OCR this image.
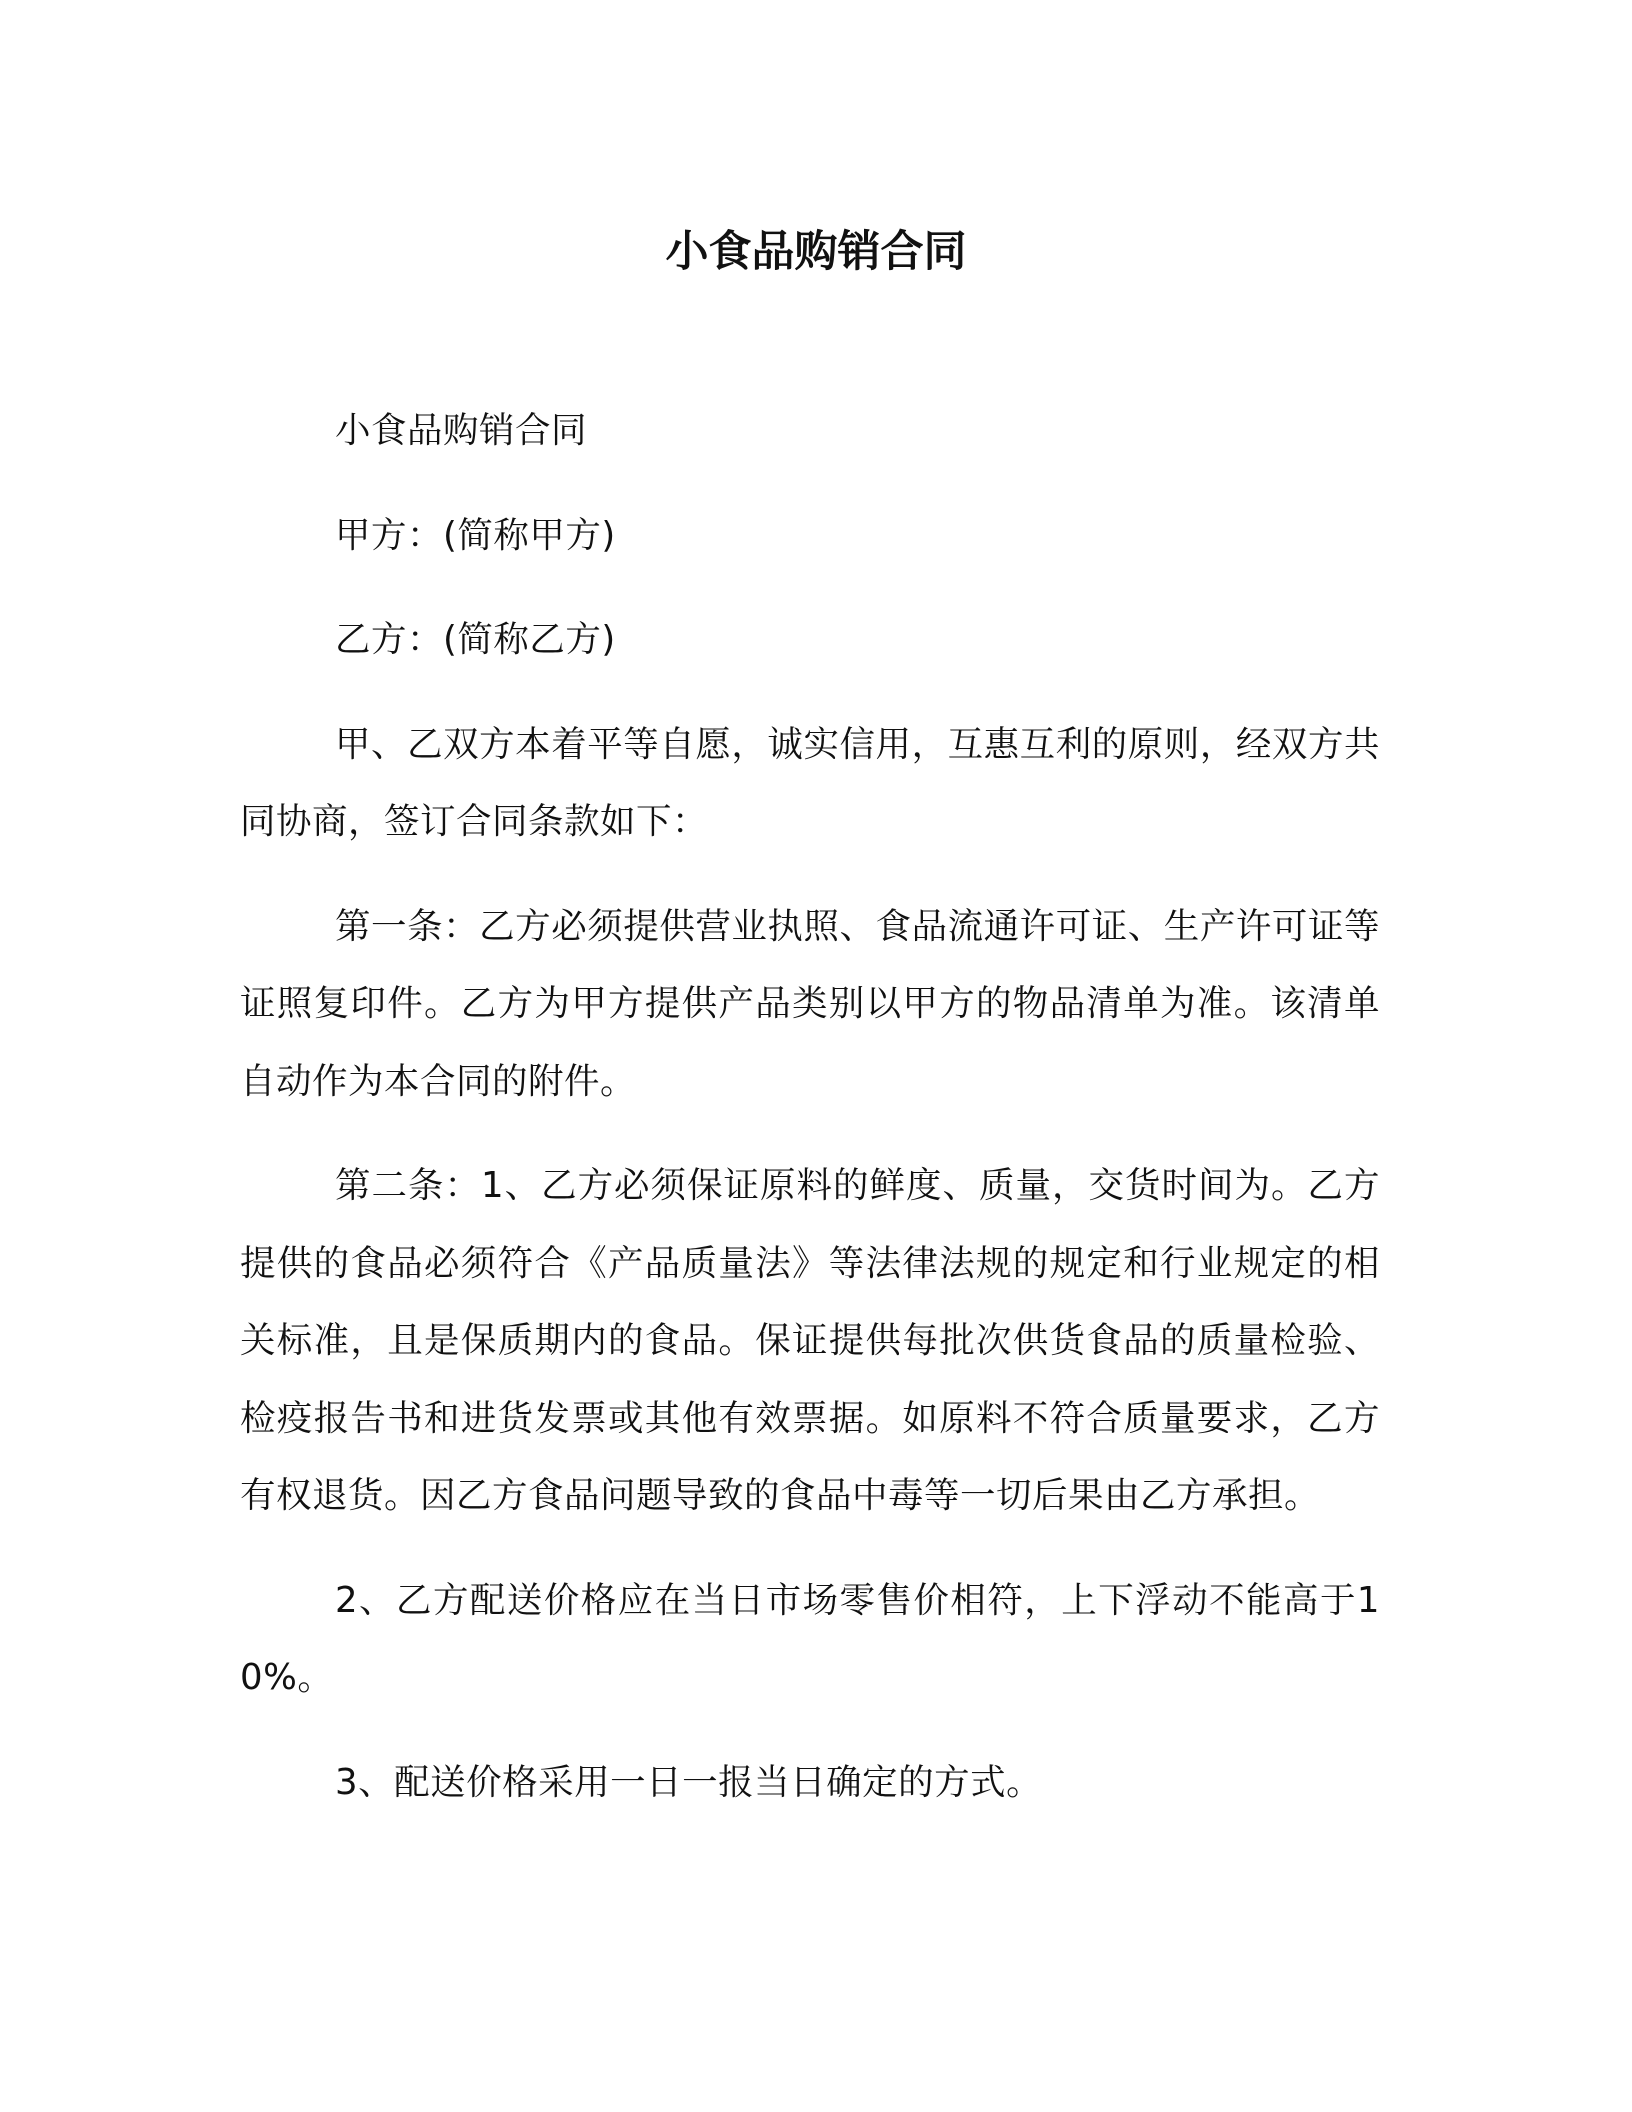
小食品购销合同

小食品购销合同

甲方：(简称甲方)

乙方：(简称乙方)

甲、乙双方本着平等自愿，诚实信用，互惠互利的原则，经双方共同协商，签订合同条款如下：

第一条：乙方必须提供营业执照、食品流通许可证、生产许可证等证照复印件。乙方为甲方提供产品类别以甲方的物品清单为准。该清单自动作为本合同的附件。

第二条：1、乙方必须保证原料的鲜度、质量，交货时间为。乙方提供的食品必须符合《产品质量法》等法律法规的规定和行业规定的相关标准，且是保质期内的食品。保证提供每批次供货食品的质量检验、检疫报告书和进货发票或其他有效票据。如原料不符合质量要求，乙方有权退货。因乙方食品问题导致的食品中毒等一切后果由乙方承担。

2、乙方配送价格应在当日市场零售价相符，上下浮动不能高于10%。

3、配送价格采用一日一报当日确定的方式。
